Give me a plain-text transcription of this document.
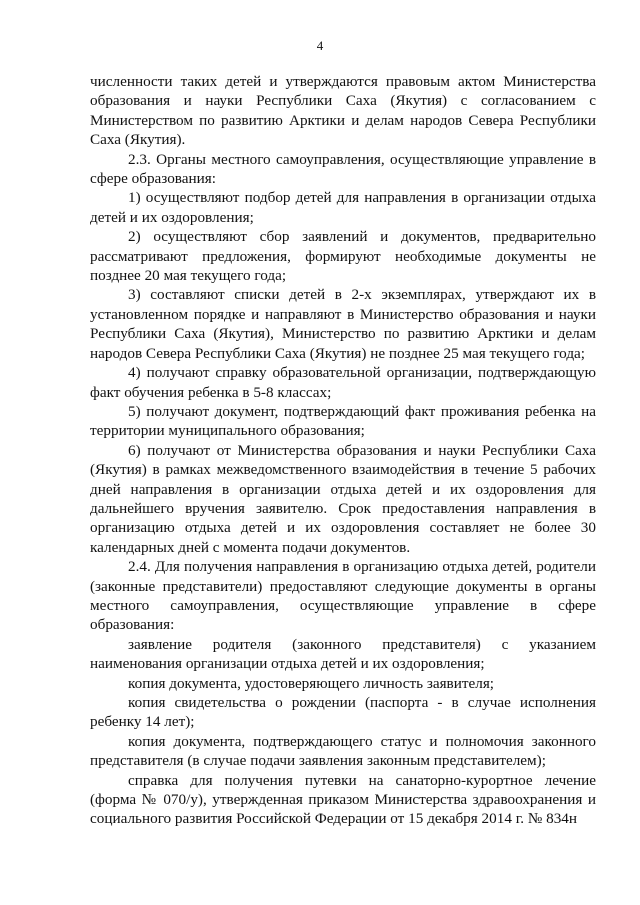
4

численности таких детей и утверждаются правовым актом Министерства образования и науки Республики Саха (Якутия) с согласованием с Министерством по развитию Арктики и делам народов Севера Республики Саха (Якутия).

2.3. Органы местного самоуправления, осуществляющие управление в сфере образования:

1) осуществляют подбор детей для направления в организации отдыха детей и их оздоровления;

2) осуществляют сбор заявлений и документов, предварительно рассматривают предложения, формируют необходимые документы не позднее 20 мая текущего года;

3) составляют списки детей в 2-х экземплярах, утверждают их в установленном порядке и направляют в Министерство образования и науки Республики Саха (Якутия), Министерство по развитию Арктики и делам народов Севера Республики Саха (Якутия) не позднее 25 мая текущего года;

4) получают справку образовательной организации, подтверждающую факт обучения ребенка в 5-8 классах;

5) получают документ, подтверждающий факт проживания ребенка на территории муниципального образования;

6) получают от Министерства образования и науки Республики Саха (Якутия) в рамках межведомственного взаимодействия в течение 5 рабочих дней направления в организации отдыха детей и их оздоровления для дальнейшего вручения заявителю. Срок предоставления направления в организацию отдыха детей и их оздоровления составляет не более 30 календарных дней с момента подачи документов.

2.4. Для получения направления в организацию отдыха детей, родители (законные представители) предоставляют следующие документы в органы местного самоуправления, осуществляющие управление в сфере образования:

заявление родителя (законного представителя) с указанием наименования организации отдыха детей и их оздоровления;

копия документа, удостоверяющего личность заявителя;

копия свидетельства о рождении (паспорта - в случае исполнения ребенку 14 лет);

копия документа, подтверждающего статус и полномочия законного представителя (в случае подачи заявления законным представителем);

справка для получения путевки на санаторно-курортное лечение (форма № 070/у), утвержденная приказом Министерства здравоохранения и социального развития Российской Федерации от 15 декабря 2014 г. № 834н
